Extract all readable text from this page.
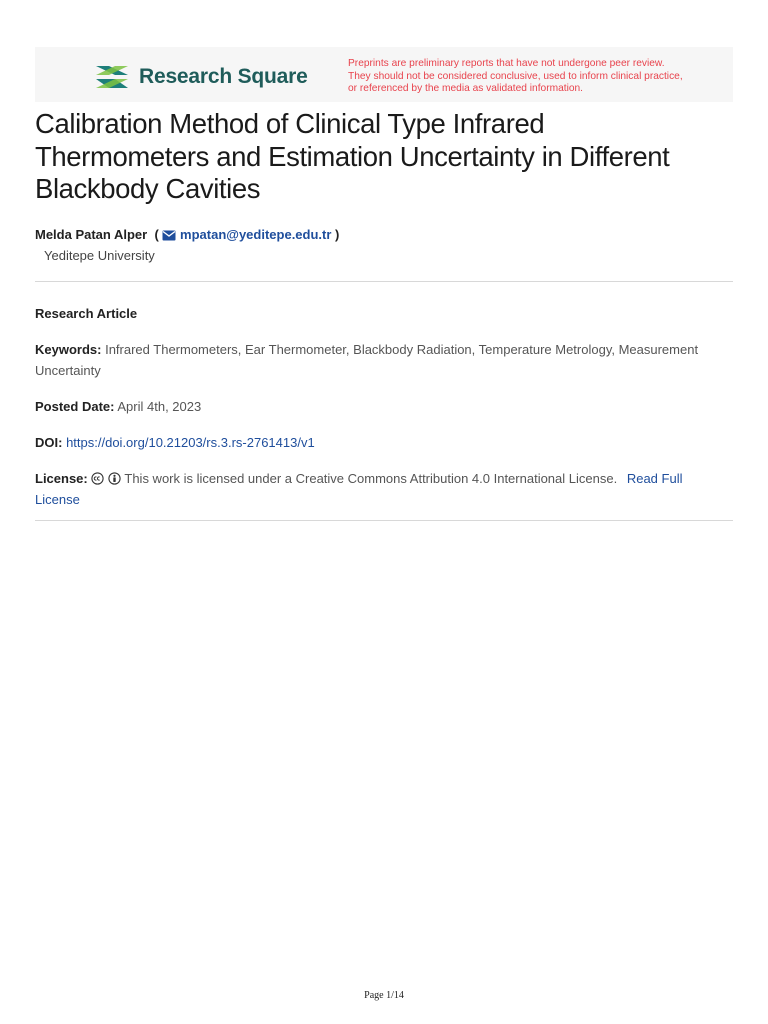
Research Square
Preprints are preliminary reports that have not undergone peer review.
They should not be considered conclusive, used to inform clinical practice,
or referenced by the media as validated information.
Calibration Method of Clinical Type Infrared
Thermometers and Estimation Uncertainty in Different
Blackbody Cavities
Melda Patan Alper  ( mpatan@yeditepe.edu.tr )
Yeditepe University
Research Article
Keywords: Infrared Thermometers, Ear Thermometer, Blackbody Radiation, Temperature Metrology, Measurement
Uncertainty
Posted Date: April 4th, 2023
DOI: https://doi.org/10.21203/rs.3.rs-2761413/v1
License:	This work is licensed under a Creative Commons Attribution 4.0 International License. Read Full
License
Page 1/14
